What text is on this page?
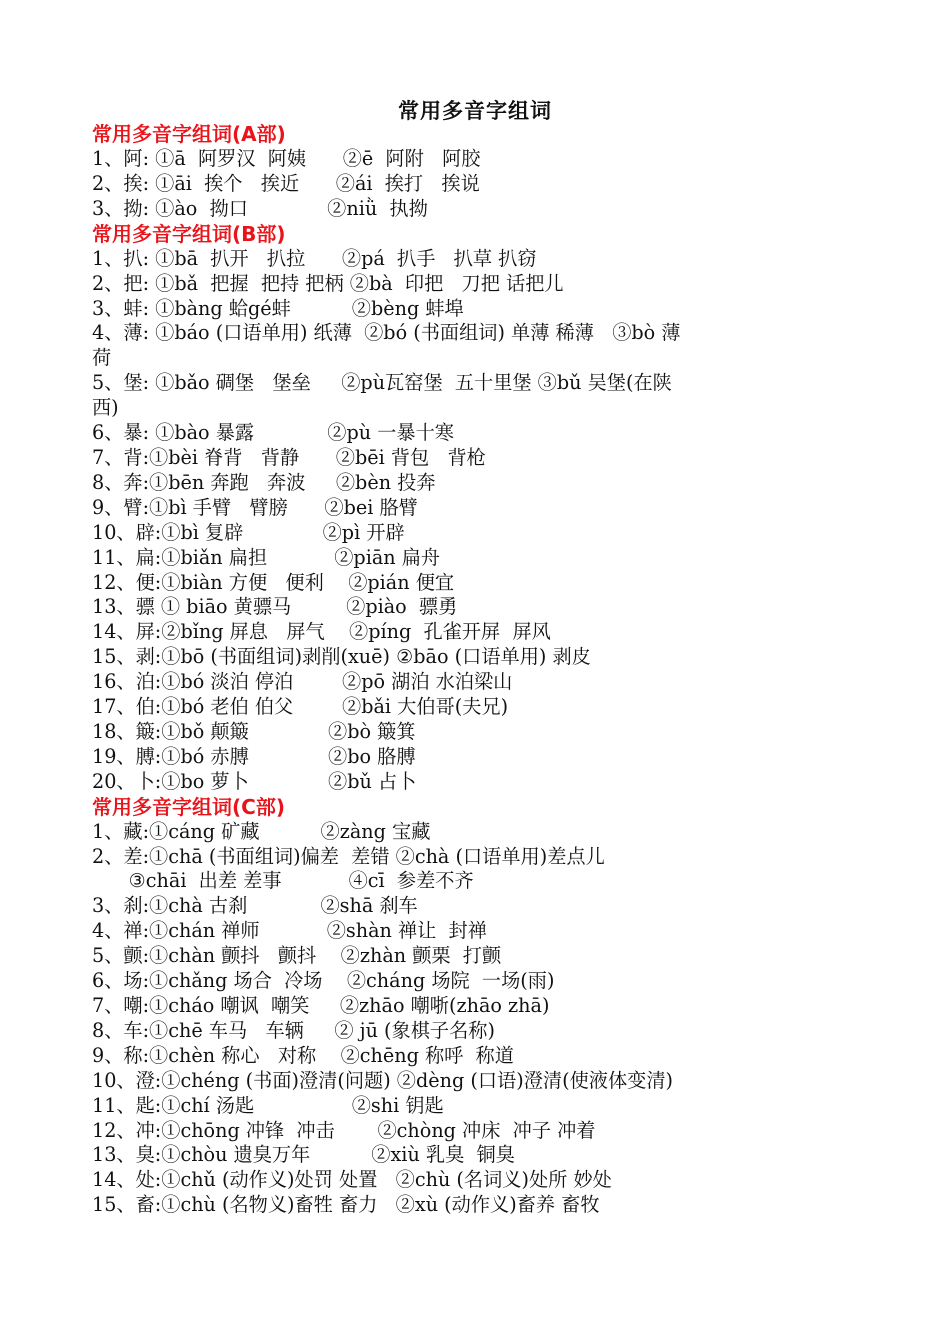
常用多音字组词
常用多音字组词(A部)
1、阿: ①ā  阿罗汉  阿姨      ②ē  阿附   阿胶
2、挨: ①āi  挨个   挨近      ②ái  挨打   挨说
3、拗: ①ào  拗口             ②niǜ  执拗
常用多音字组词(B部)
1、扒: ①bā  扒开   扒拉      ②pá  扒手   扒草 扒窃
2、把: ①bǎ  把握  把持 把柄 ②bà  印把   刀把 话把儿
3、蚌: ①bàng 蛤gé蚌          ②bèng 蚌埠
4、薄: ①báo (口语单用) 纸薄  ②bó (书面组词) 单薄 稀薄   ③bò 薄
荷
5、堡: ①bǎo 碉堡   堡垒     ②pù瓦窑堡  五十里堡 ③bǔ 吴堡(在陕
西)
6、暴: ①bào 暴露            ②pù 一暴十寒
7、背:①bèi 脊背   背静      ②bēi 背包   背枪
8、奔:①bēn 奔跑   奔波     ②bèn 投奔
9、臂:①bì 手臂   臂膀      ②bei 胳臂
10、辟:①bì 复辟             ②pì 开辟
11、扁:①biǎn 扁担           ②piān 扁舟
12、便:①biàn 方便   便利    ②pián 便宜
13、骠 ① biāo 黄骠马         ②piào  骠勇
14、屏:②bǐng 屏息   屏气    ②píng  孔雀开屏  屏风
15、剥:①bō (书面组词)剥削(xuē) ②bāo (口语单用) 剥皮
16、泊:①bó 淡泊 停泊        ②pō 湖泊 水泊梁山
17、伯:①bó 老伯 伯父        ②bǎi 大伯哥(夫兄)
18、簸:①bǒ 颠簸             ②bò 簸箕
19、膊:①bó 赤膊             ②bo 胳膊
20、卜:①bo 萝卜             ②bǔ 占卜
常用多音字组词(C部)
1、藏:①cáng 矿藏          ②zàng 宝藏
2、差:①chā (书面组词)偏差  差错 ②chà (口语单用)差点儿
③chāi  出差 差事           ④cī  参差不齐
3、刹:①chà 古刹            ②shā 刹车
4、禅:①chán 禅师           ②shàn 禅让  封禅
5、颤:①chàn 颤抖   颤抖    ②zhàn 颤栗  打颤
6、场:①chǎng 场合  冷场    ②cháng 场院  一场(雨)
7、嘲:①cháo 嘲讽  嘲笑     ②zhāo 嘲哳(zhāo zhā)
8、车:①chē 车马   车辆     ② jū (象棋子名称)
9、称:①chèn 称心   对称    ②chēng 称呼  称道
10、澄:①chéng (书面)澄清(问题) ②dèng (口语)澄清(使液体变清)
11、匙:①chí 汤匙                ②shi 钥匙
12、冲:①chōng 冲锋  冲击       ②chòng 冲床  冲子 冲着
13、臭:①chòu 遗臭万年          ②xiù 乳臭  铜臭
14、处:①chǔ (动作义)处罚 处置   ②chù (名词义)处所 妙处
15、畜:①chù (名物义)畜牲 畜力   ②xù (动作义)畜养 畜牧
